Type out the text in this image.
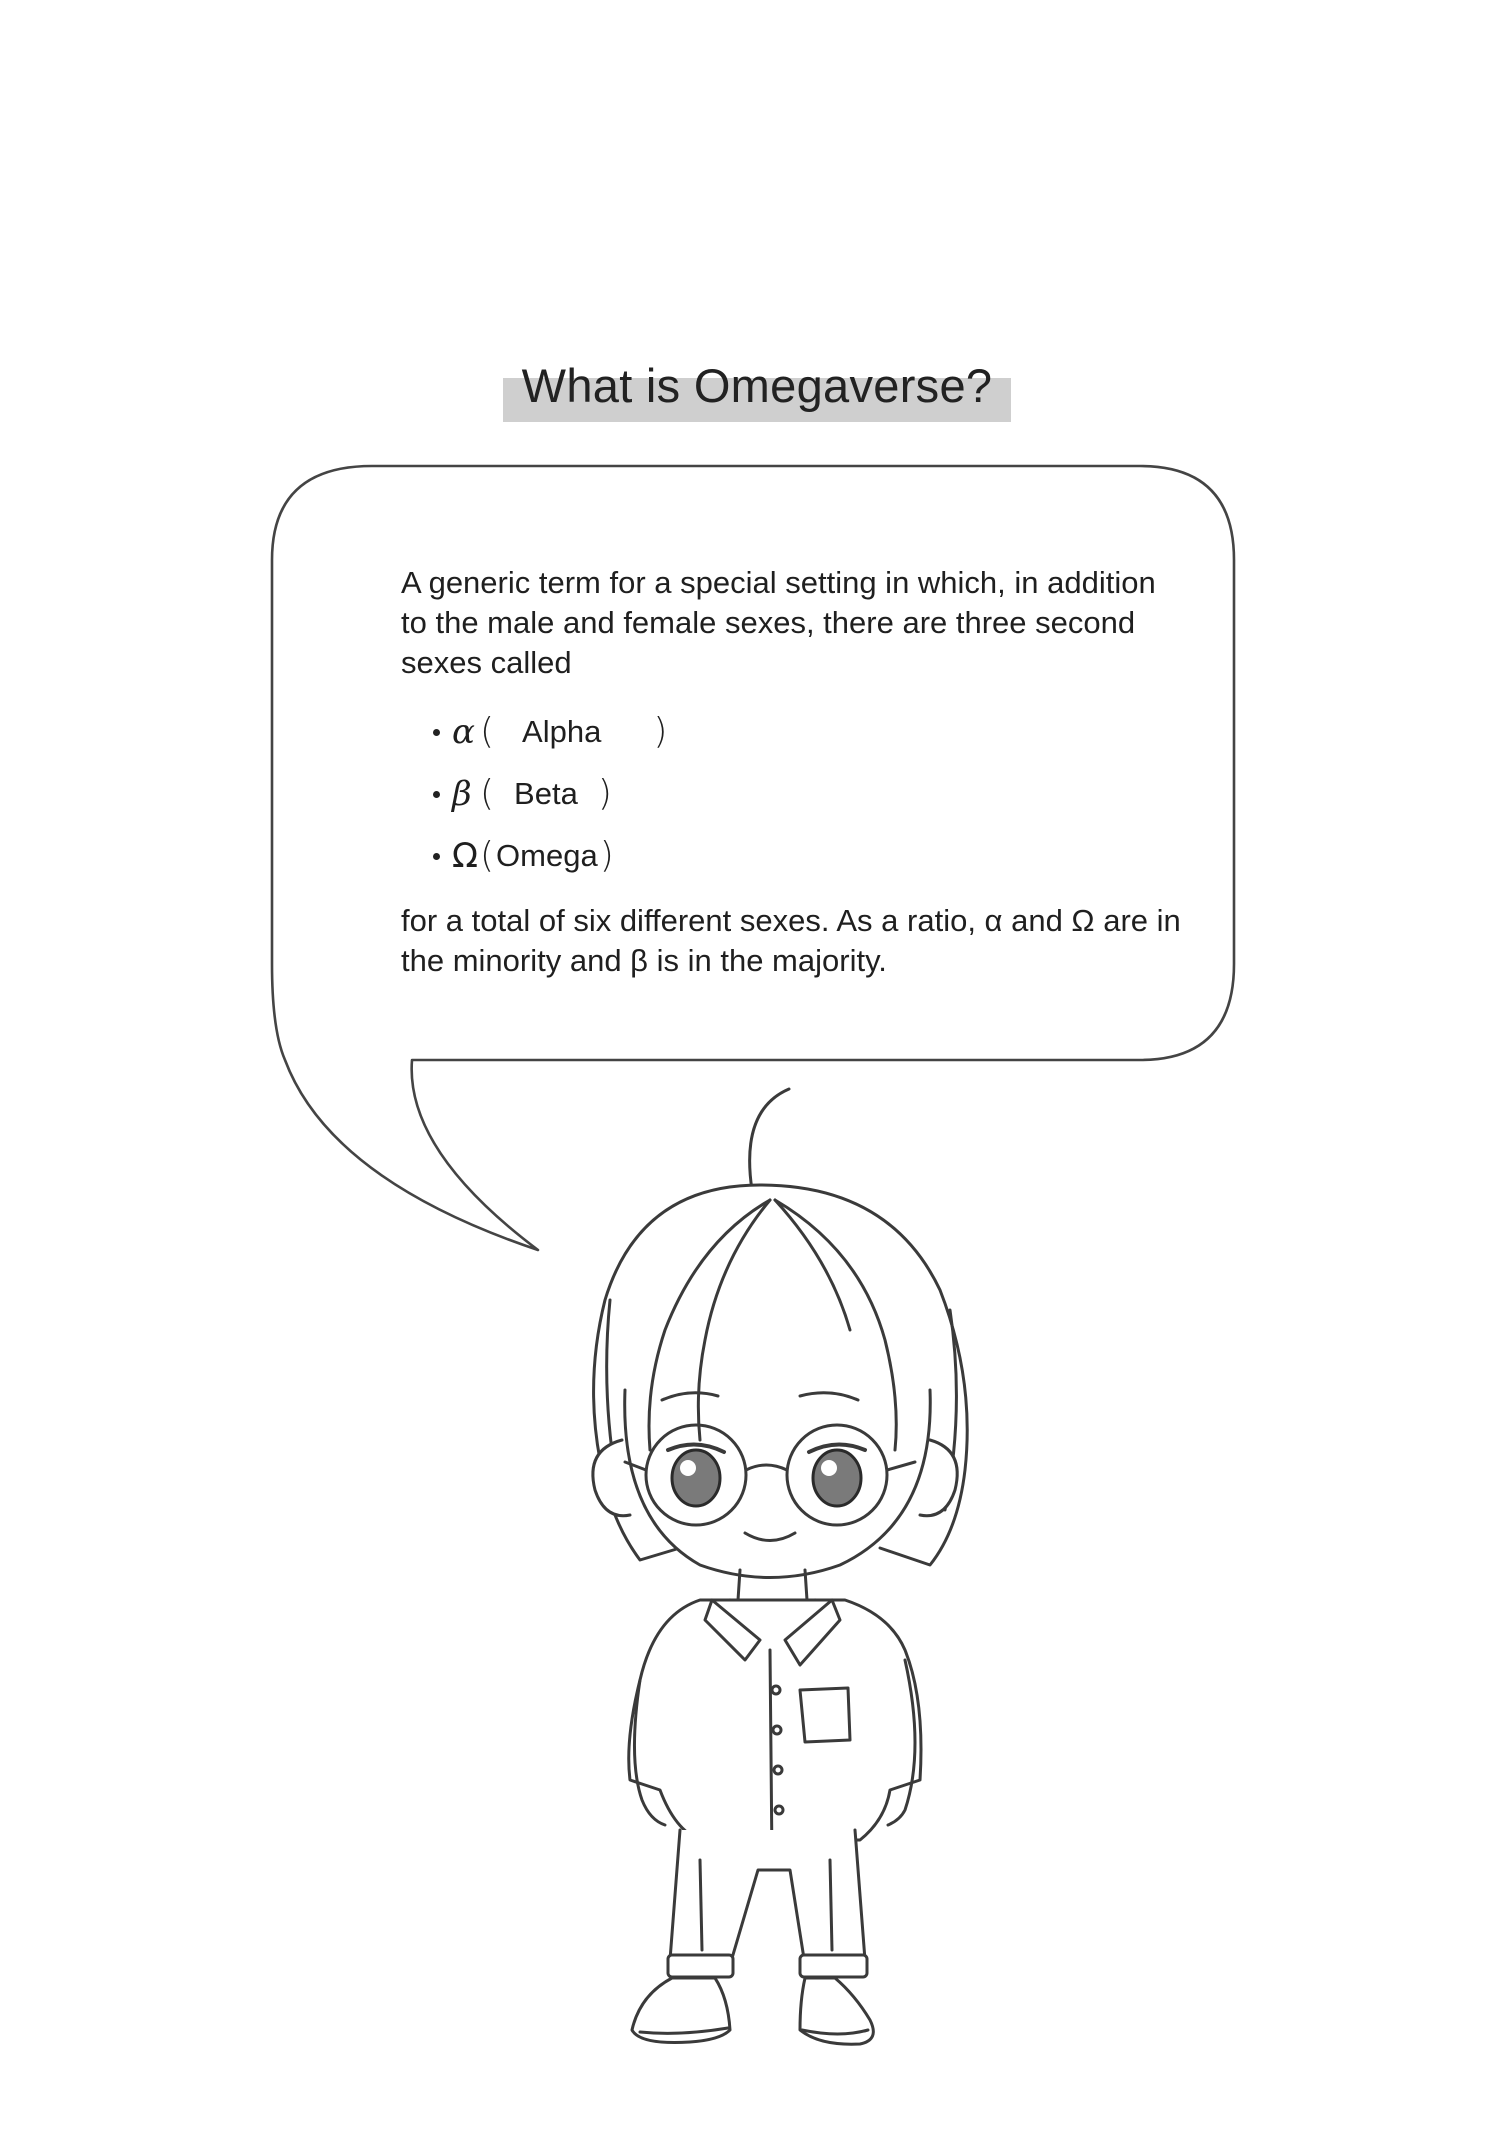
What is Omegaverse?

A generic term for a special setting in which, in addition to the male and female sexes, there are three second sexes called

α ( Alpha )
β ( Beta )
Ω ( Omega )

for a total of six different sexes. As a ratio, α and Ω are in the minority and β is in the majority.
